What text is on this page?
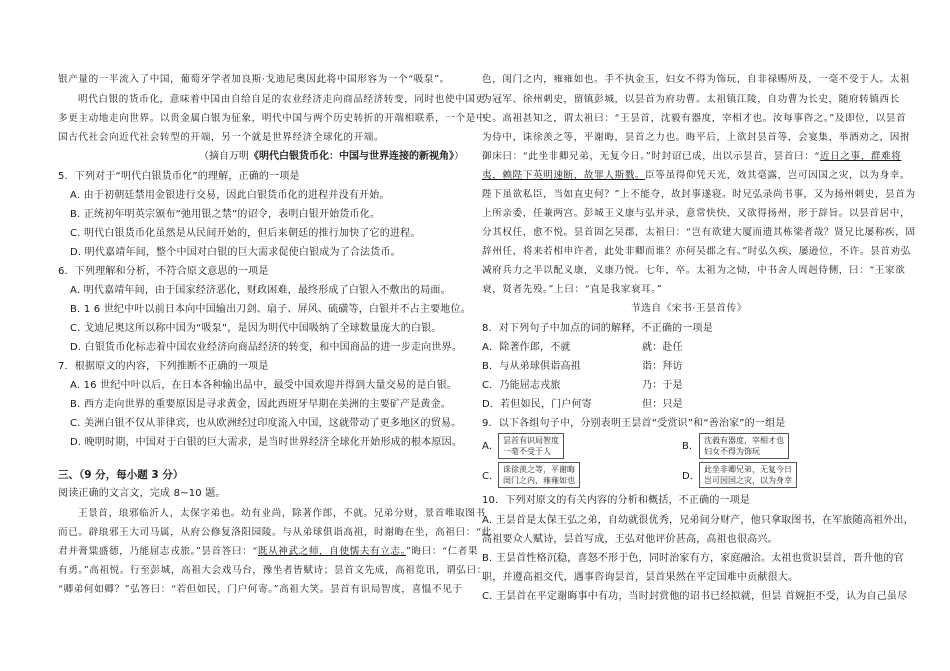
银产量的一半流入了中国，葡萄牙学者加良斯·戈迪尼奥因此将中国形容为一个“吸泵”。
明代白银的货币化，意味着中国由自给自足的农业经济走向商品经济转变，同时也使中国更
多更主动地走向世界。以贵金属白银为征象，明代中国与两个历史转折的开端相联系，一个是中
国古代社会向近代社会转型的开端，另一个就是世界经济全球化的开端。
（摘自万明《明代白银货币化：中国与世界连接的新视角》）
5．下列对于“明代白银货币化”的理解，正确的一项是
A. 由于初朝廷禁用金银进行交易，因此白银货币化的进程并没有开始。
B. 正统初年明英宗颁布“弛用银之禁”的诏令，表明白银开始货币化。
C. 明代白银货币化虽然是从民间开始的，但后来朝廷的推行加快了它的进程。
D. 明代嘉靖年间，整个中国对白银的巨大需求促使白银成为了合法货币。
6．下列理解和分析，不符合原文意思的一项是
A. 明代嘉靖年间，由于国家经济恶化，财政困难，最终形成了白银入不敷出的局面。
B. 1 6 世纪中叶以前日本向中国输出刀剑、扇子、屏风、硫磺等，白银并不占主要地位。
C. 戈迪尼奥这所以称中国为“吸泵”，是因为明代中国吸纳了全球数量庞大的白银。
D. 白银货币化标志着中国农业经济向商品经济的转变，和中国商品的进一步走向世界。
7．根据原文的内容，下列推断不正确的一项是
A. 16 世纪中叶以后，在日本各种输出品中，最受中国欢迎并得到大量交易的是白银。
B. 西方走向世界的重要原因是寻求黄金，因此西班牙早期在美洲的主要矿产是黄金。
C. 美洲白银不仅从菲律宾，也从欧洲经过印度流入中国，这就带动了更多地区的贸易。
D. 晚明时期，中国对于白银的巨大需求，是当时世界经济全球化开始形成的根本原因。
三、（9 分，每小题 3 分）
阅读正确的文言文，完成 8~10 题。
王景首，琅邪临沂人，太保字弟也。幼有业尚，除著作郎，不就。兄弟分财，景首唯取图书
而已。辟琅邪王大司马属，从府公修复洛阳园陵。与从弟球俱诣高祖，时谢晦在坐，高祖曰：“此
君并膏粱盛德，乃能屈志戎旅。”昙首答曰：“既从神武之师，自使懦夫有立志。”晦曰：“仁者果
有勇。”高祖悦。行至彭城，高祖大会戏马台，豫坐者皆赋诗；昙首文先成，高祖览讯，谓弘曰：
“卿弟何如卿？”弘答曰：“若但如民，门户何寄。”高祖大笑。昙首有识局智度，喜愠不见于
色，闺门之内，雍雍如也。手不执金玉，妇女不得为饰玩，自非禄赐所及，一毫不受于人。太祖
为冠军、徐州刺史，留镇彭城，以昙首为府功曹。太祖镇江陵，自功曹为长史，随府转镇西长
史。高祖甚知之，谓太祖曰：“王昙首，沈毅有器度，宰相才也。汝每事咨之。”及即位，以昙首
为侍中，诛徐羡之等，平谢晦，昙首之力也。晦平后，上欲封昙首等，会宴集，举酒劝之，因拊
御床曰：“此坐非卿兄弟，无复今日。”时封诏已成，出以示昙首，昙首曰：“近日之事，群难将
夷，赖陛下英明速断，故罪人斯戮。臣等虽得仰凭天光，效其毫露，岂可因国之灾，以为身幸。
陛下虽欲私臣，当如直史何？”上不能夺，故封事遂寝。时兄弘录尚书事，又为扬州刺史，昙首为
上所亲委，任兼两宫。彭城王义康与弘并录，意常快快，又欲得扬州，形于辞旨。以昙首居中，
分其权任，愈不悦。昙首固乞吴郡，太祖曰：“岂有欲建大厦而遗其栋梁者哉？贤兄比屡称疾，固
辞州任，将来若相申许者，此处非卿而谁？亦何吴郡之有。”时弘久疾，屡逊位，不许。昙首劝弘
减府兵力之半以配义康，义康乃悦。七年，卒。太祖为之恸，中书舍人周赳侍侧，曰：“王家欲
衰，贤者先殁。”上曰：“直是我家衰耳。”
节选自《宋书·王昙首传》
8．对下列句子中加点的词的解释，不正确的一项是
A．除著作郎，不就	就：赴任
B．与从弟球俱诣高祖	诣：拜访
C．乃能屈志戎旅	乃：于是
D．若但如民，门户何寄	但：只是
9．以下各组句子中，分别表明王昙首“受赏识”和“善治家”的一组是
A．
昙首有识局智度
一毫不受于人	B．
沈毅有器度，宰相才也
妇女不得为饰玩
C．
诛徐羡之等，平谢晦
闺门之内，雍雍如也	D．
此坐非卿兄弟，无复今日
岂可因国之灾，以为身幸
10．下列对原文的有关内容的分析和概括，不正确的一项是
A. 王昙首是太保王弘之弟，自幼就很优秀，兄弟间分财产，他只拿取图书，在军旅随高祖外出，
高祖要众人赋诗，昙首写成，王弘对他评价甚高，高祖也很高兴。
B. 王昙首性格沉稳，喜怒不形于色，同时治家有方，家庭融洽。太祖也赏识昙首，晋升他的官
职，并遵高祖交代，遇事咨询昙首，昙首果然在平定国难中贡献很大。
C. 王昙首在平定谢晦事中有功，当时封赏他的诏书已经拟就，但昙 首婉拒不受，认为自己虽尽
